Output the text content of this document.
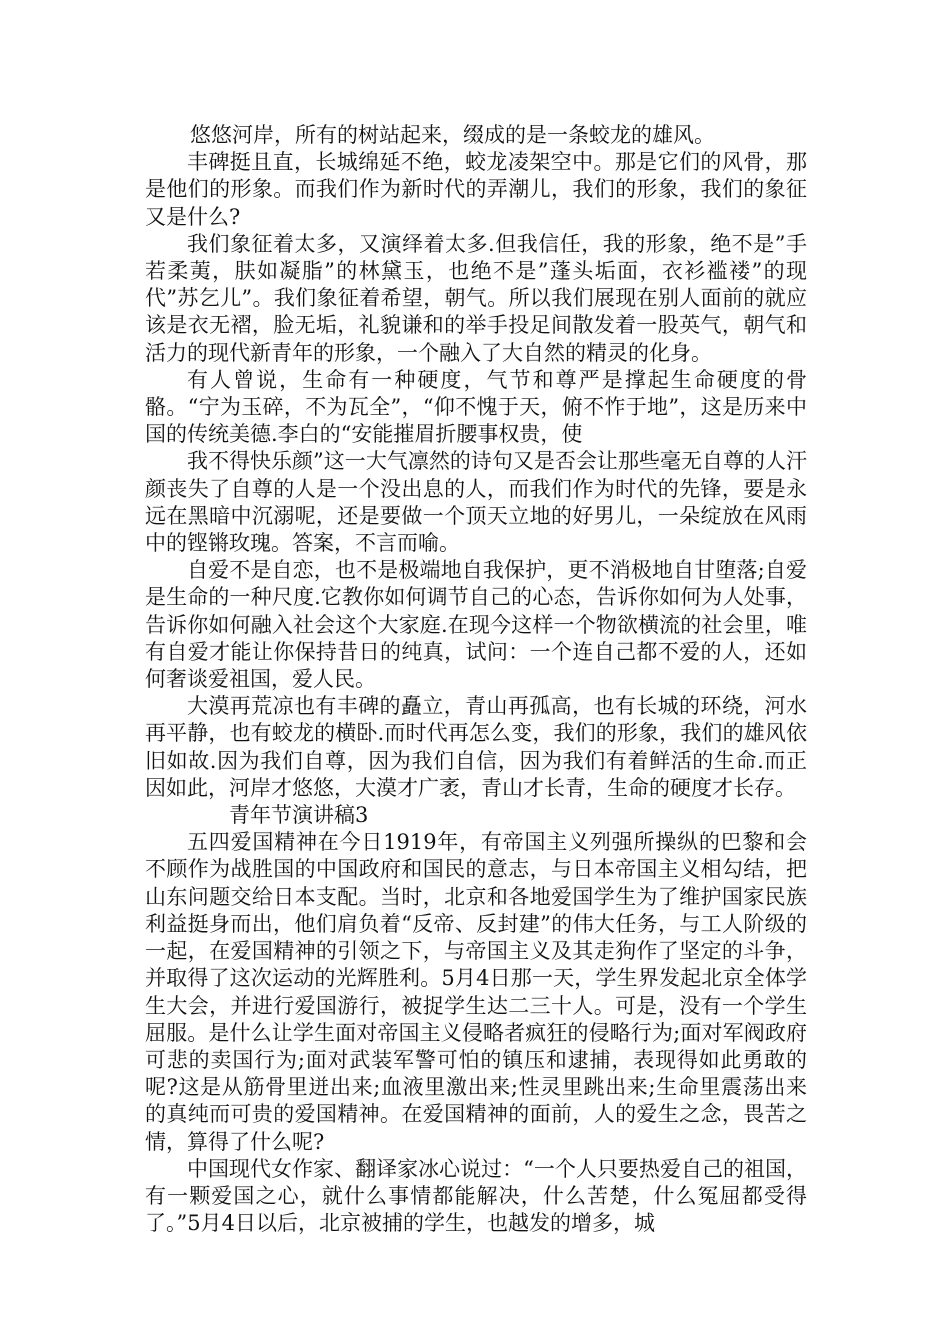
悠悠河岸，所有的树站起来，缀成的是一条蛟龙的雄风。

丰碑挺且直，长城绵延不绝，蛟龙凌架空中。那是它们的风骨，那是他们的形象。而我们作为新时代的弄潮儿，我们的形象，我们的象征又是什么?

我们象征着太多，又演绎着太多.但我信任，我的形象，绝不是”手若柔荑，肤如凝脂”的林黛玉，也绝不是”蓬头垢面，衣衫褴褛”的现代”苏乞儿”。我们象征着希望，朝气。所以我们展现在别人面前的就应该是衣无褶，脸无垢，礼貌谦和的举手投足间散发着一股英气，朝气和活力的现代新青年的形象，一个融入了大自然的精灵的化身。

有人曾说，生命有一种硬度，气节和尊严是撑起生命硬度的骨骼。“宁为玉碎，不为瓦全”，“仰不愧于天，俯不怍于地”，这是历来中国的传统美德.李白的“安能摧眉折腰事权贵，使

我不得快乐颜”这一大气凛然的诗句又是否会让那些毫无自尊的人汗颜丧失了自尊的人是一个没出息的人，而我们作为时代的先锋，要是永远在黑暗中沉溺呢，还是要做一个顶天立地的好男儿，一朵绽放在风雨中的铿锵玫瑰。答案，不言而喻。

自爱不是自恋，也不是极端地自我保护，更不消极地自甘堕落;自爱是生命的一种尺度.它教你如何调节自己的心态，告诉你如何为人处事，告诉你如何融入社会这个大家庭.在现今这样一个物欲横流的社会里，唯有自爱才能让你保持昔日的纯真，试问：一个连自己都不爱的人，还如何奢谈爱祖国，爱人民。

大漠再荒凉也有丰碑的矗立，青山再孤高，也有长城的环绕，河水再平静，也有蛟龙的横卧.而时代再怎么变，我们的形象，我们的雄风依旧如故.因为我们自尊，因为我们自信，因为我们有着鲜活的生命.而正因如此，河岸才悠悠，大漠才广袤，青山才长青，生命的硬度才长存。

青年节演讲稿3

五四爱国精神在今日1919年，有帝国主义列强所操纵的巴黎和会不顾作为战胜国的中国政府和国民的意志，与日本帝国主义相勾结，把山东问题交给日本支配。当时，北京和各地爱国学生为了维护国家民族利益挺身而出，他们肩负着“反帝、反封建”的伟大任务，与工人阶级的一起，在爱国精神的引领之下，与帝国主义及其走狗作了坚定的斗争，并取得了这次运动的光辉胜利。5月4日那一天，学生界发起北京全体学生大会，并进行爱国游行，被捉学生达二三十人。可是，没有一个学生屈服。是什么让学生面对帝国主义侵略者疯狂的侵略行为;面对军阀政府可悲的卖国行为;面对武装军警可怕的镇压和逮捕，表现得如此勇敢的呢?这是从筋骨里迸出来;血液里激出来;性灵里跳出来;生命里震荡出来的真纯而可贵的爱国精神。在爱国精神的面前，人的爱生之念，畏苦之情，算得了什么呢?

中国现代女作家、翻译家冰心说过：“一个人只要热爱自己的祖国，有一颗爱国之心，就什么事情都能解决，什么苦楚，什么冤屈都受得了。”5月4日以后，北京被捕的学生，也越发的增多，城
